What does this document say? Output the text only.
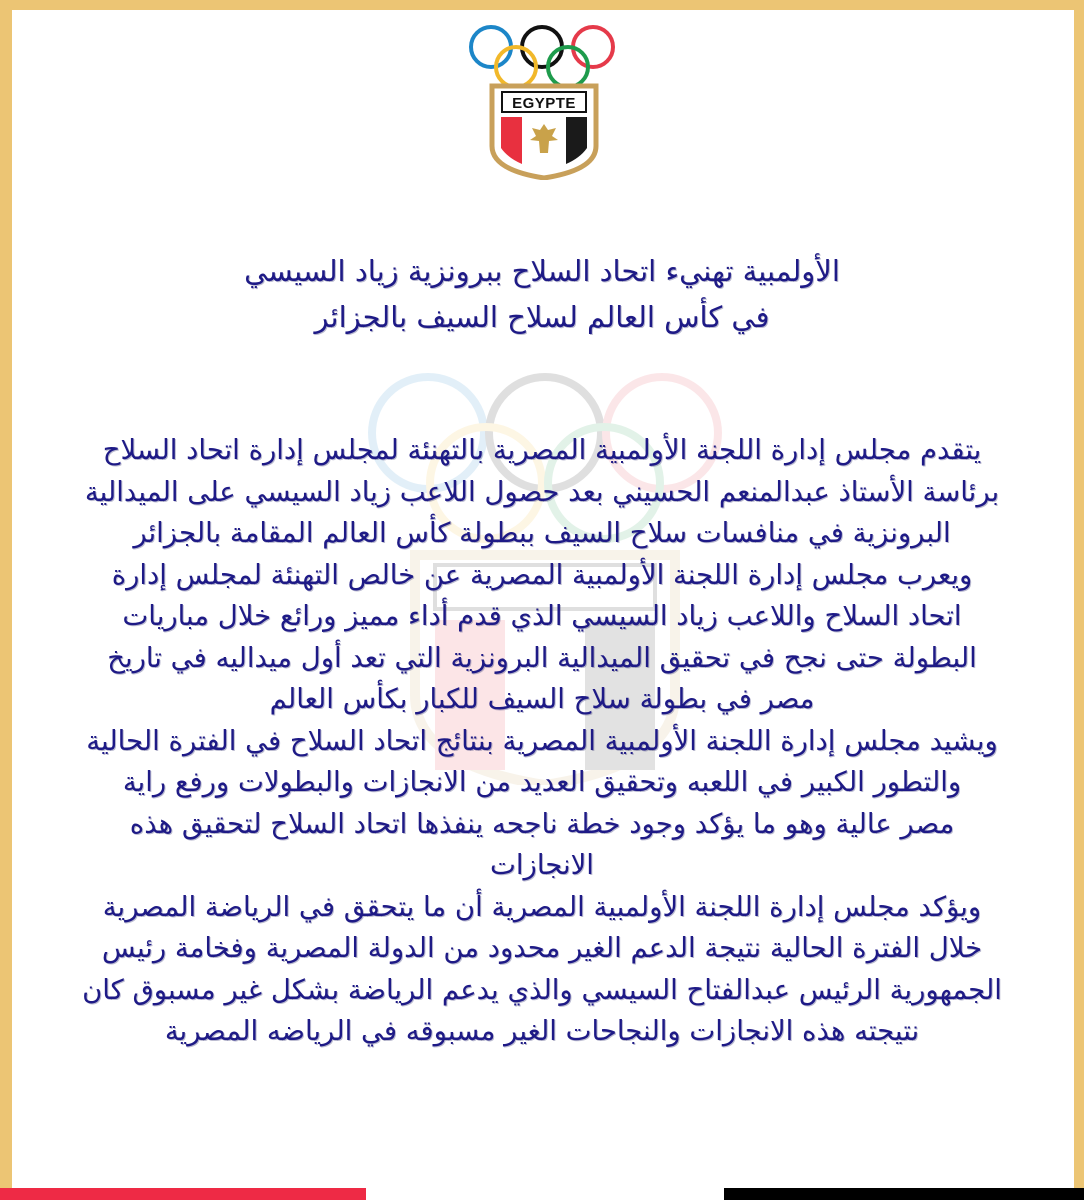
EGYPTE
الأولمبية تهنيء اتحاد السلاح ببرونزية زياد السيسي
في كأس العالم لسلاح السيف بالجزائر
يتقدم مجلس إدارة اللجنة الأولمبية المصرية بالتهنئة لمجلس إدارة اتحاد السلاح
برئاسة الأستاذ عبدالمنعم الحسيني بعد حصول اللاعب زياد السيسي على الميدالية
البرونزية في منافسات سلاح السيف ببطولة كأس العالم المقامة بالجزائر
ويعرب مجلس إدارة اللجنة الأولمبية المصرية عن خالص التهنئة لمجلس إدارة
اتحاد السلاح واللاعب زياد السيسي الذي قدم أداء مميز ورائع خلال مباريات
البطولة حتى نجح في تحقيق الميدالية البرونزية التي تعد أول ميداليه في تاريخ
مصر في بطولة سلاح السيف للكبار بكأس العالم
ويشيد مجلس إدارة اللجنة الأولمبية المصرية بنتائج اتحاد السلاح في الفترة الحالية
والتطور الكبير في اللعبه وتحقيق العديد من الانجازات والبطولات ورفع راية
مصر عالية وهو ما يؤكد وجود خطة ناجحه ينفذها اتحاد السلاح لتحقيق هذه
الانجازات
ويؤكد مجلس إدارة اللجنة الأولمبية المصرية أن ما يتحقق في الرياضة المصرية
خلال الفترة الحالية نتيجة الدعم الغير محدود من الدولة المصرية وفخامة رئيس
الجمهورية الرئيس عبدالفتاح السيسي والذي يدعم الرياضة بشكل غير مسبوق كان
نتيجته هذه الانجازات والنجاحات الغير مسبوقه في الرياضه المصرية
